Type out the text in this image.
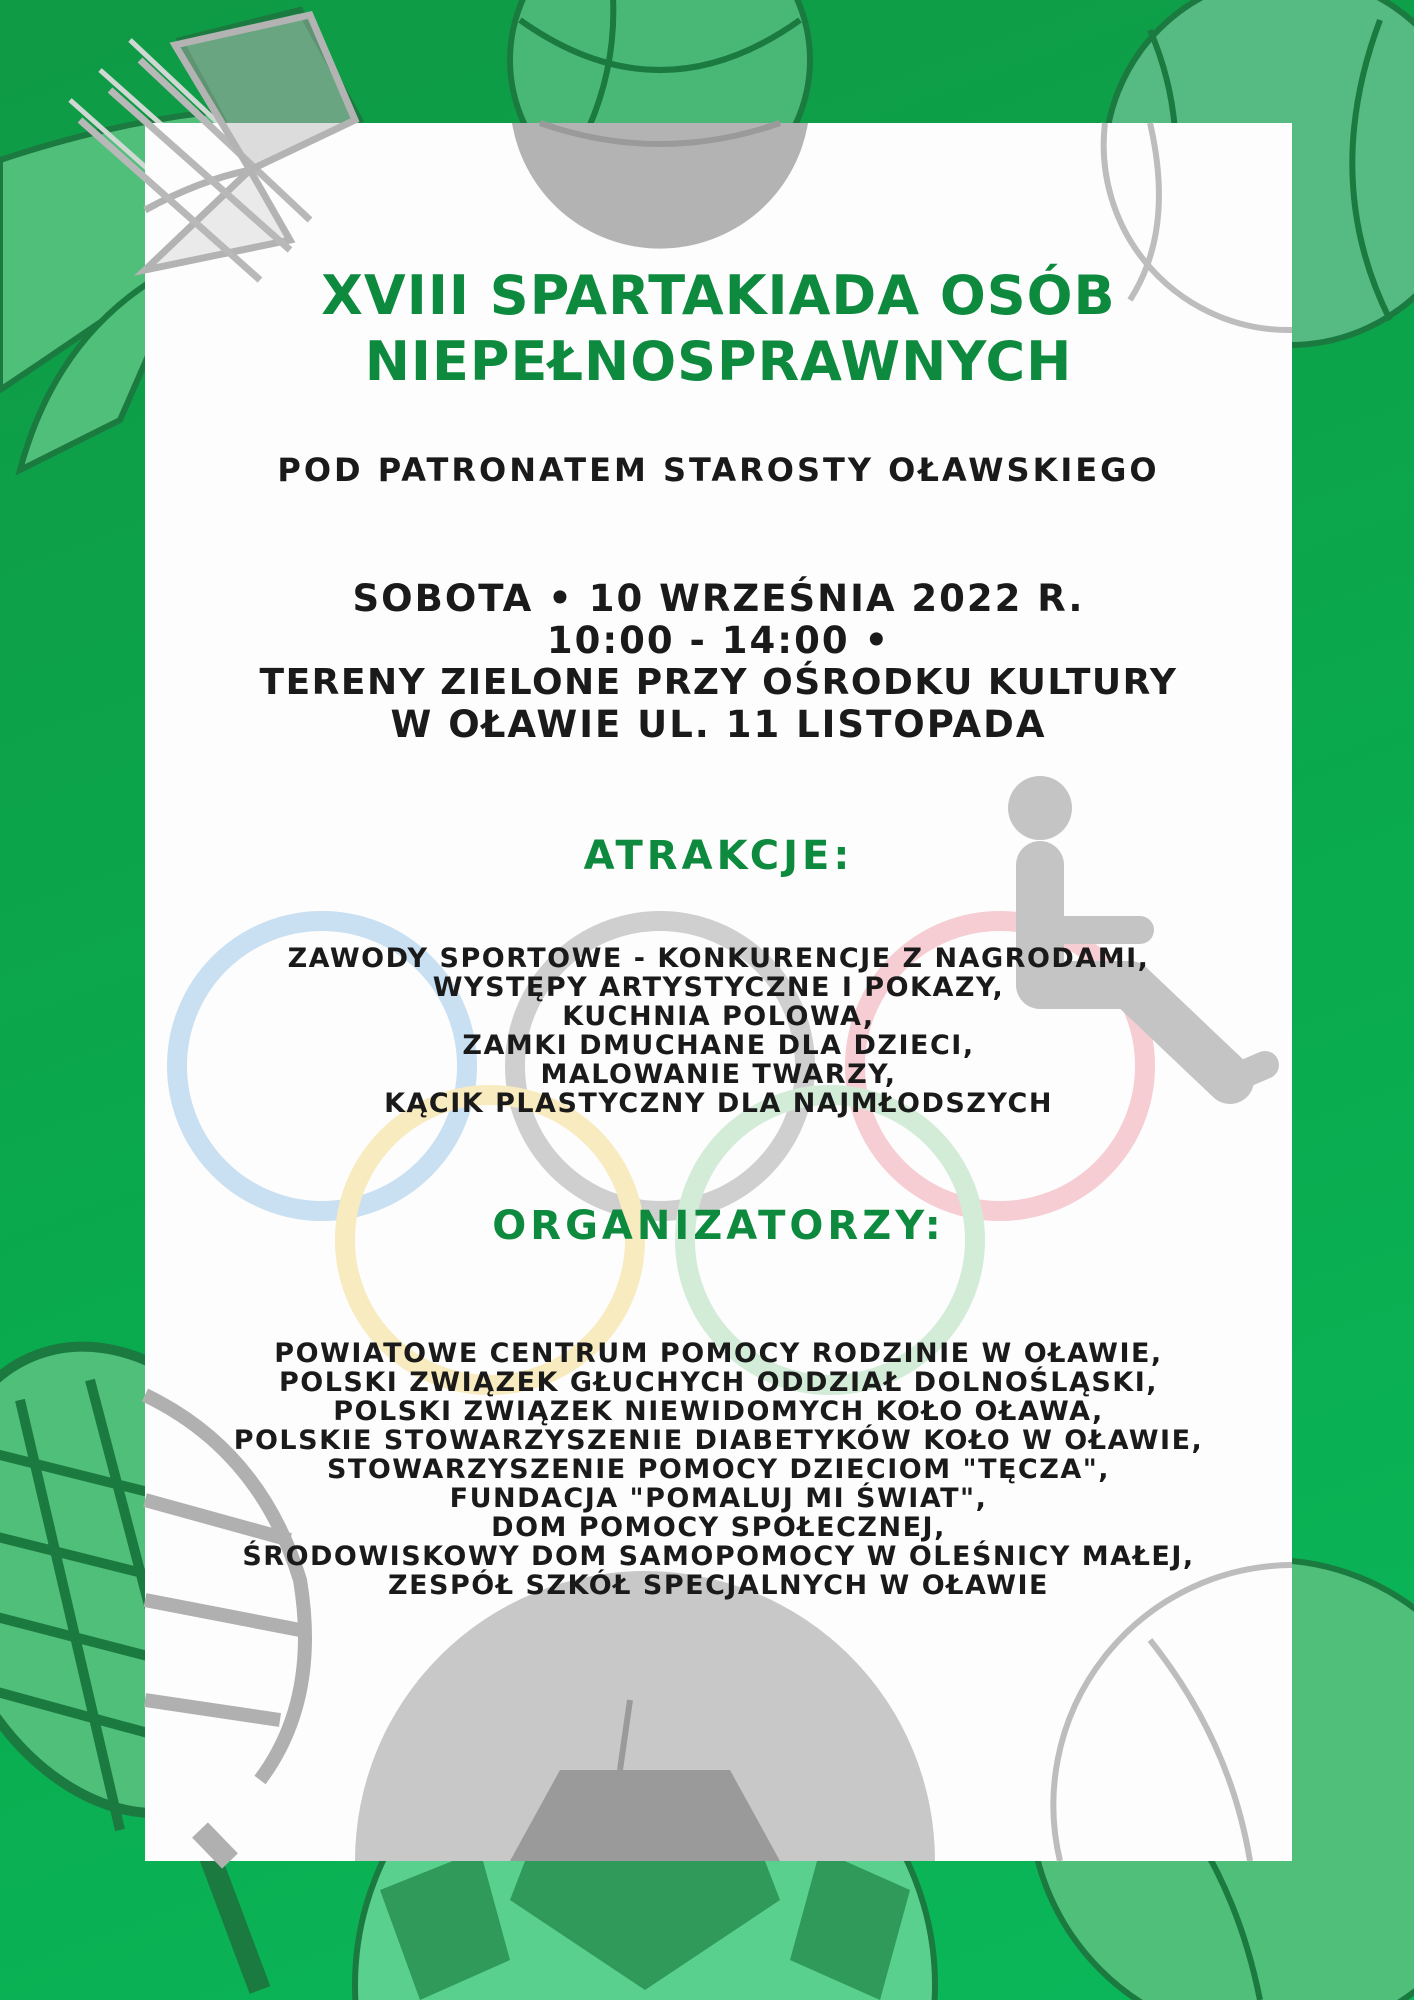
XVIII SPARTAKIADA OSÓB
NIEPEŁNOSPRAWNYCH
POD PATRONATEM STAROSTY OŁAWSKIEGO
SOBOTA • 10 WRZEŚNIA 2022 R.
10:00 - 14:00 •
TERENY ZIELONE PRZY OŚRODKU KULTURY
W OŁAWIE UL. 11 LISTOPADA
ATRAKCJE:
ZAWODY SPORTOWE - KONKURENCJE Z NAGRODAMI,
WYSTĘPY ARTYSTYCZNE I POKAZY,
KUCHNIA POLOWA,
ZAMKI DMUCHANE DLA DZIECI,
MALOWANIE TWARZY,
KĄCIK PLASTYCZNY DLA NAJMŁODSZYCH
ORGANIZATORZY:
POWIATOWE CENTRUM POMOCY RODZINIE W OŁAWIE,
POLSKI ZWIĄZEK GŁUCHYCH ODDZIAŁ DOLNOŚLĄSKI,
POLSKI ZWIĄZEK NIEWIDOMYCH KOŁO OŁAWA,
POLSKIE STOWARZYSZENIE DIABETYKÓW KOŁO W OŁAWIE,
STOWARZYSZENIE POMOCY DZIECIOM "TĘCZA",
FUNDACJA "POMALUJ MI ŚWIAT",
DOM POMOCY SPOŁECZNEJ,
ŚRODOWISKOWY DOM SAMOPOMOCY W OLEŚNICY MAŁEJ,
ZESPÓŁ SZKÓŁ SPECJALNYCH W OŁAWIE
